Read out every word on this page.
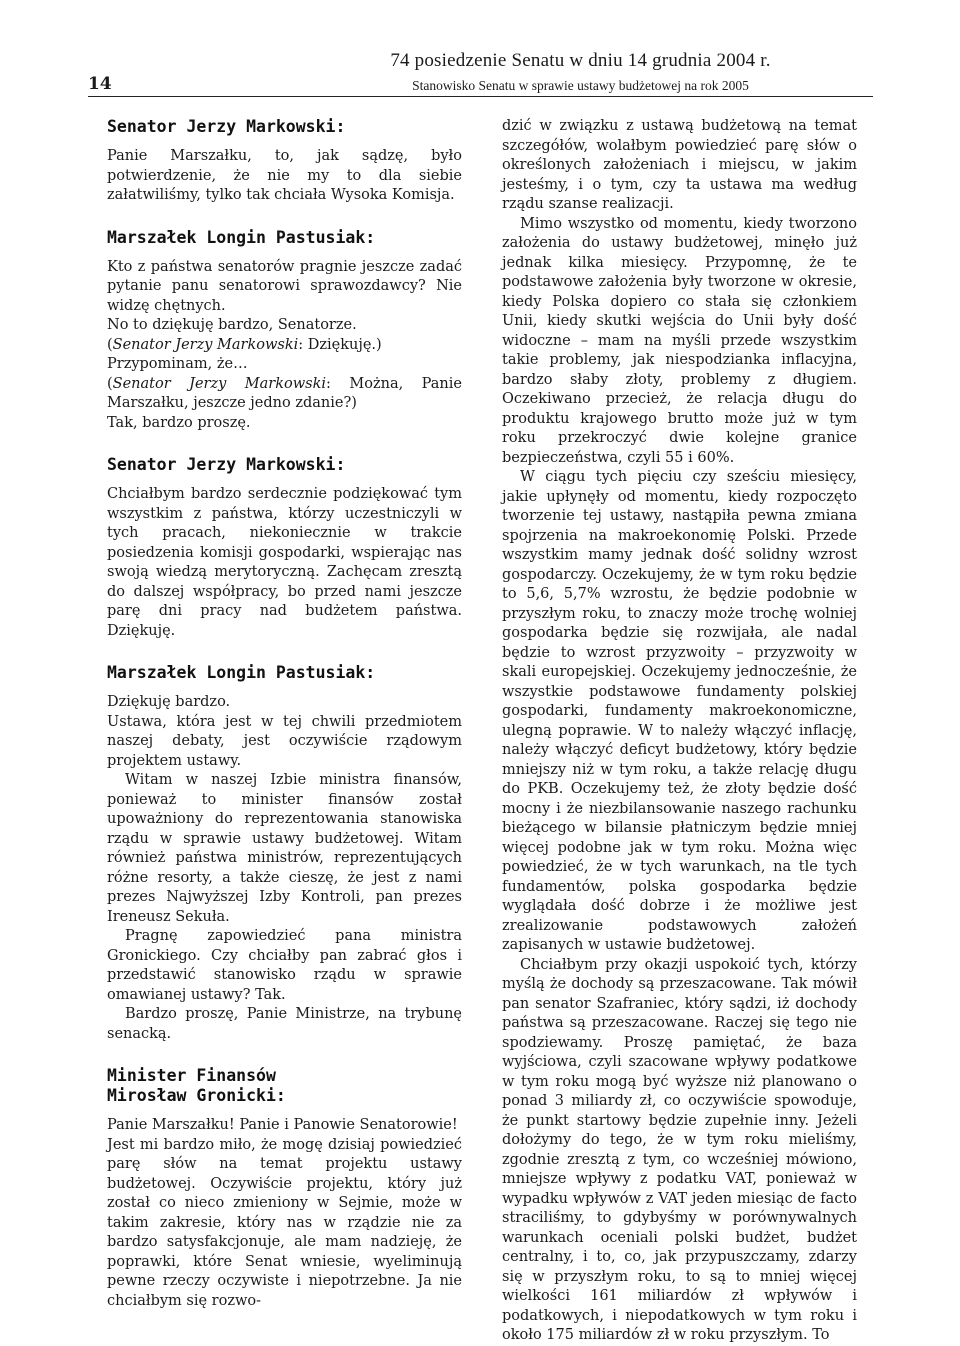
14
74 posiedzenie Senatu w dniu 14 grudnia 2004 r.
Stanowisko Senatu w sprawie ustawy budżetowej na rok 2005
Senator Jerzy Markowski:

Panie Marszałku, to, jak sądzę, było potwierdzenie, że nie my to dla siebie załatwiliśmy, tylko tak chciała Wysoka Komisja.

Marszałek Longin Pastusiak:

Kto z państwa senatorów pragnie jeszcze zadać pytanie panu senatorowi sprawozdawcy? Nie widzę chętnych.

No to dziękuję bardzo, Senatorze.

(Senator Jerzy Markowski: Dziękuję.)

Przypominam, że…

(Senator Jerzy Markowski: Można, Panie Marszałku, jeszcze jedno zdanie?)

Tak, bardzo proszę.

Senator Jerzy Markowski:

Chciałbym bardzo serdecznie podziękować tym wszystkim z państwa, którzy uczestniczyli w tych pracach, niekoniecznie w trakcie posiedzenia komisji gospodarki, wspierając nas swoją wiedzą merytoryczną. Zachęcam zresztą do dalszej współpracy, bo przed nami jeszcze parę dni pracy nad budżetem państwa. Dziękuję.

Marszałek Longin Pastusiak:

Dziękuję bardzo.

Ustawa, która jest w tej chwili przedmiotem naszej debaty, jest oczywiście rządowym projektem ustawy.

Witam w naszej Izbie ministra finansów, ponieważ to minister finansów został upoważniony do reprezentowania stanowiska rządu w sprawie ustawy budżetowej. Witam również państwa ministrów, reprezentujących różne resorty, a także cieszę, że jest z nami prezes Najwyższej Izby Kontroli, pan prezes Ireneusz Sekuła.

Pragnę zapowiedzieć pana ministra Gronickiego. Czy chciałby pan zabrać głos i przedstawić stanowisko rządu w sprawie omawianej ustawy? Tak.

Bardzo proszę, Panie Ministrze, na trybunę senacką.

Minister Finansów
Mirosław Gronicki:

Panie Marszałku! Panie i Panowie Senatorowie!

Jest mi bardzo miło, że mogę dzisiaj powiedzieć parę słów na temat projektu ustawy budżetowej. Oczywiście projektu, który już został co nieco zmieniony w Sejmie, może w takim zakresie, który nas w rządzie nie za bardzo satysfakcjonuje, ale mam nadzieję, że poprawki, które Senat wniesie, wyeliminują pewne rzeczy oczywiste i niepotrzebne. Ja nie chciałbym się rozwo-

dzić w związku z ustawą budżetową na temat szczegółów, wolałbym powiedzieć parę słów o określonych założeniach i miejscu, w jakim jesteśmy, i o tym, czy ta ustawa ma według rządu szanse realizacji.

Mimo wszystko od momentu, kiedy tworzono założenia do ustawy budżetowej, minęło już jednak kilka miesięcy. Przypomnę, że te podstawowe założenia były tworzone w okresie, kiedy Polska dopiero co stała się członkiem Unii, kiedy skutki wejścia do Unii były dość widoczne – mam na myśli przede wszystkim takie problemy, jak niespodzianka inflacyjna, bardzo słaby złoty, problemy z długiem. Oczekiwano przecież, że relacja długu do produktu krajowego brutto może już w tym roku przekroczyć dwie kolejne granice bezpieczeństwa, czyli 55 i 60%.

W ciągu tych pięciu czy sześciu miesięcy, jakie upłynęły od momentu, kiedy rozpoczęto tworzenie tej ustawy, nastąpiła pewna zmiana spojrzenia na makroekonomię Polski. Przede wszystkim mamy jednak dość solidny wzrost gospodarczy. Oczekujemy, że w tym roku będzie to 5,6, 5,7% wzrostu, że będzie podobnie w przyszłym roku, to znaczy może trochę wolniej gospodarka będzie się rozwijała, ale nadal będzie to wzrost przyzwoity – przyzwoity w skali europejskiej. Oczekujemy jednocześnie, że wszystkie podstawowe fundamenty polskiej gospodarki, fundamenty makroekonomiczne, ulegną poprawie. W to należy włączyć inflację, należy włączyć deficyt budżetowy, który będzie mniejszy niż w tym roku, a także relację długu do PKB. Oczekujemy też, że złoty będzie dość mocny i że niezbilansowanie naszego rachunku bieżącego w bilansie płatniczym będzie mniej więcej podobne jak w tym roku. Można więc powiedzieć, że w tych warunkach, na tle tych fundamentów, polska gospodarka będzie wyglądała dość dobrze i że możliwe jest zrealizowanie podstawowych założeń zapisanych w ustawie budżetowej.

Chciałbym przy okazji uspokoić tych, którzy myślą że dochody są przeszacowane. Tak mówił pan senator Szafraniec, który sądzi, iż dochody państwa są przeszacowane. Raczej się tego nie spodziewamy. Proszę pamiętać, że baza wyjściowa, czyli szacowane wpływy podatkowe w tym roku mogą być wyższe niż planowano o ponad 3 miliardy zł, co oczywiście spowoduje, że punkt startowy będzie zupełnie inny. Jeżeli dołożymy do tego, że w tym roku mieliśmy, zgodnie zresztą z tym, co wcześniej mówiono, mniejsze wpływy z podatku VAT, ponieważ w wypadku wpływów z VAT jeden miesiąc de facto straciliśmy, to gdybyśmy w porównywalnych warunkach oceniali polski budżet, budżet centralny, i to, co, jak przypuszczamy, zdarzy się w przyszłym roku, to są to mniej więcej wielkości 161 miliardów zł wpływów i podatkowych, i niepodatkowych w tym roku i około 175 miliardów zł w roku przyszłym. To
